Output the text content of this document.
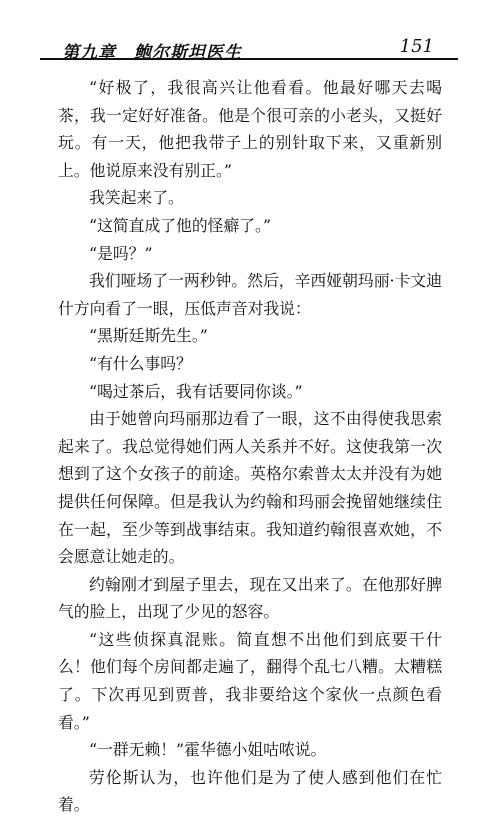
第九章　鲍尔斯坦医生	151

“好极了，我很高兴让他看看。他最好哪天去喝茶，我一定好好准备。他是个很可亲的小老头，又挺好玩。有一天，他把我带子上的别针取下来，又重新别上。他说原来没有别正。”

我笑起来了。

“这简直成了他的怪癖了。”

“是吗？”

我们哑场了一两秒钟。然后，辛西娅朝玛丽·卡文迪什方向看了一眼，压低声音对我说：

“黑斯廷斯先生。”

“有什么事吗？

“喝过茶后，我有话要同你谈。”

由于她曾向玛丽那边看了一眼，这不由得使我思索起来了。我总觉得她们两人关系并不好。这使我第一次想到了这个女孩子的前途。英格尔索普太太并没有为她提供任何保障。但是我认为约翰和玛丽会挽留她继续住在一起，至少等到战事结束。我知道约翰很喜欢她，不会愿意让她走的。

约翰刚才到屋子里去，现在又出来了。在他那好脾气的脸上，出现了少见的怒容。

“这些侦探真混账。简直想不出他们到底要干什么！他们每个房间都走遍了，翻得个乱七八糟。太糟糕了。下次再见到贾普，我非要给这个家伙一点颜色看看。”

“一群无赖！”霍华德小姐咕哝说。

劳伦斯认为，也许他们是为了使人感到他们在忙着。
